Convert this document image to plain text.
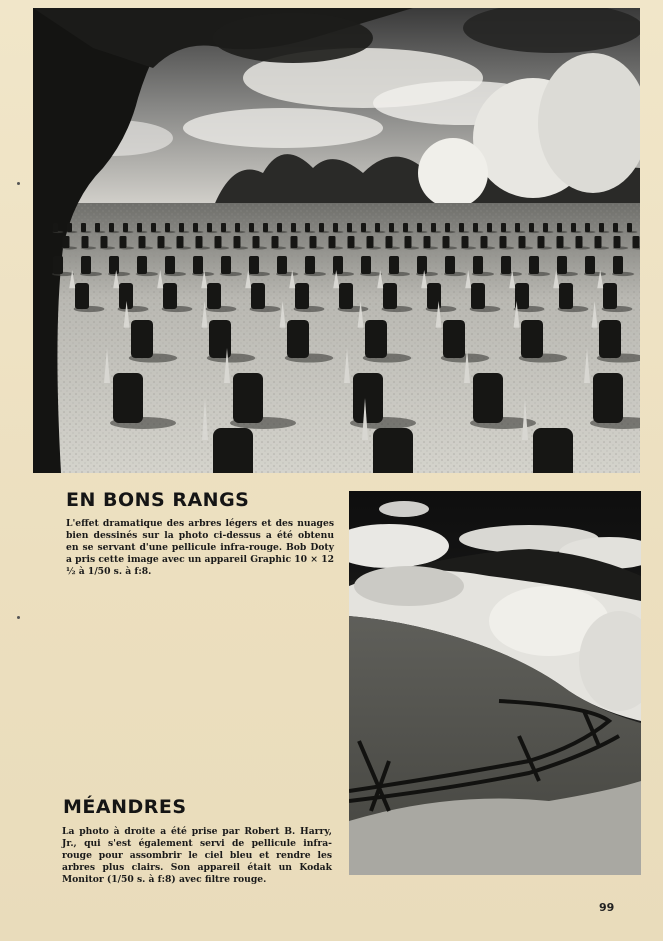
EN BONS RANGS

L'effet dramatique des arbres légers et des nuages bien dessinés sur la photo ci-dessus a été obtenu en se servant d'une pellicule infra-rouge. Bob Doty a pris cette image avec un appareil Graphic 10 × 12 ½ à 1/50 s. à f:8.

MÉANDRES

La photo à droite a été prise par Robert B. Harry, Jr., qui s'est également servi de pellicule infra-rouge pour assombrir le ciel bleu et rendre les arbres plus clairs. Son appareil était un Kodak Monitor (1/50 s. à f:8) avec filtre rouge.

99
